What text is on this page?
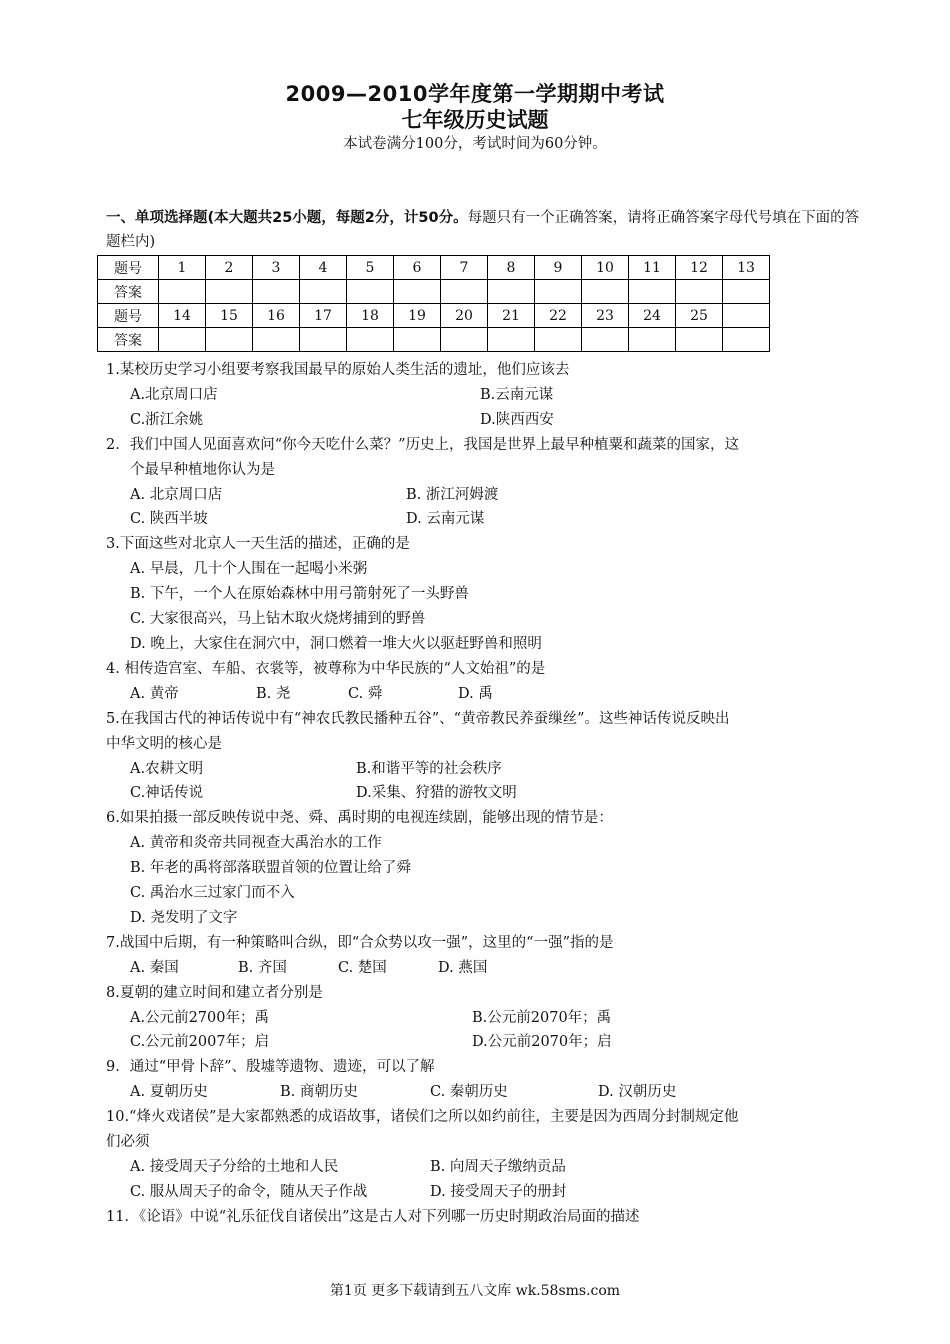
2009—2010学年度第一学期期中考试
七年级历史试题
本试卷满分100分，考试时间为60分钟。
一、单项选择题(本大题共25小题，每题2分，计50分。每题只有一个正确答案，请将正确答案字母代号填在下面的答题栏内)
题号	1	2	3	4	5	6	7	8	9	10	11	12	13
答案													
题号	14	15	16	17	18	19	20	21	22	23	24	25	
答案													

1.某校历史学习小组要考察我国最早的原始人类生活的遗址，他们应该去

A.北京周口店	B.云南元谋

C.浙江余姚	D.陕西西安

2．我们中国人见面喜欢问“你今天吃什么菜？”历史上，我国是世界上最早种植粟和蔬菜的国家，这

个最早种植地你认为是

A. 北京周口店	B. 浙江河姆渡

C. 陕西半坡	D. 云南元谋

3.下面这些对北京人一天生活的描述，正确的是

A. 早晨，几十个人围在一起喝小米粥

B. 下午，一个人在原始森林中用弓箭射死了一头野兽

C. 大家很高兴，马上钻木取火烧烤捕到的野兽

D. 晚上，大家住在洞穴中，洞口燃着一堆大火以驱赶野兽和照明

4. 相传造宫室、车船、衣裳等，被尊称为中华民族的“人文始祖”的是

A. 黄帝	B. 尧	C. 舜	D. 禹

5.在我国古代的神话传说中有“神农氏教民播种五谷”、“黄帝教民养蚕缫丝”。这些神话传说反映出

中华文明的核心是

A.农耕文明	B.和谐平等的社会秩序

C.神话传说	D.采集、狩猎的游牧文明

6.如果拍摄一部反映传说中尧、舜、禹时期的电视连续剧，能够出现的情节是：

A. 黄帝和炎帝共同视查大禹治水的工作

B. 年老的禹将部落联盟首领的位置让给了舜

C. 禹治水三过家门而不入

D. 尧发明了文字

7.战国中后期，有一种策略叫合纵，即“合众势以攻一强”，这里的“一强”指的是

A. 秦国	B. 齐国	C. 楚国	D. 燕国

8.夏朝的建立时间和建立者分别是

A.公元前2700年；禹	B.公元前2070年；禹

C.公元前2007年；启	D.公元前2070年；启

9．通过“甲骨卜辞”、殷墟等遗物、遗迹，可以了解

A. 夏朝历史	B. 商朝历史	C. 秦朝历史	D. 汉朝历史

10.“烽火戏诸侯”是大家都熟悉的成语故事，诸侯们之所以如约前往，主要是因为西周分封制规定他

们必须

A. 接受周天子分给的土地和人民	B. 向周天子缴纳贡品

C. 服从周天子的命令，随从天子作战	D. 接受周天子的册封

11．《论语》中说“礼乐征伐自诸侯出”这是古人对下列哪一历史时期政治局面的描述

第1页 更多下载请到五八文库 wk.58sms.com
